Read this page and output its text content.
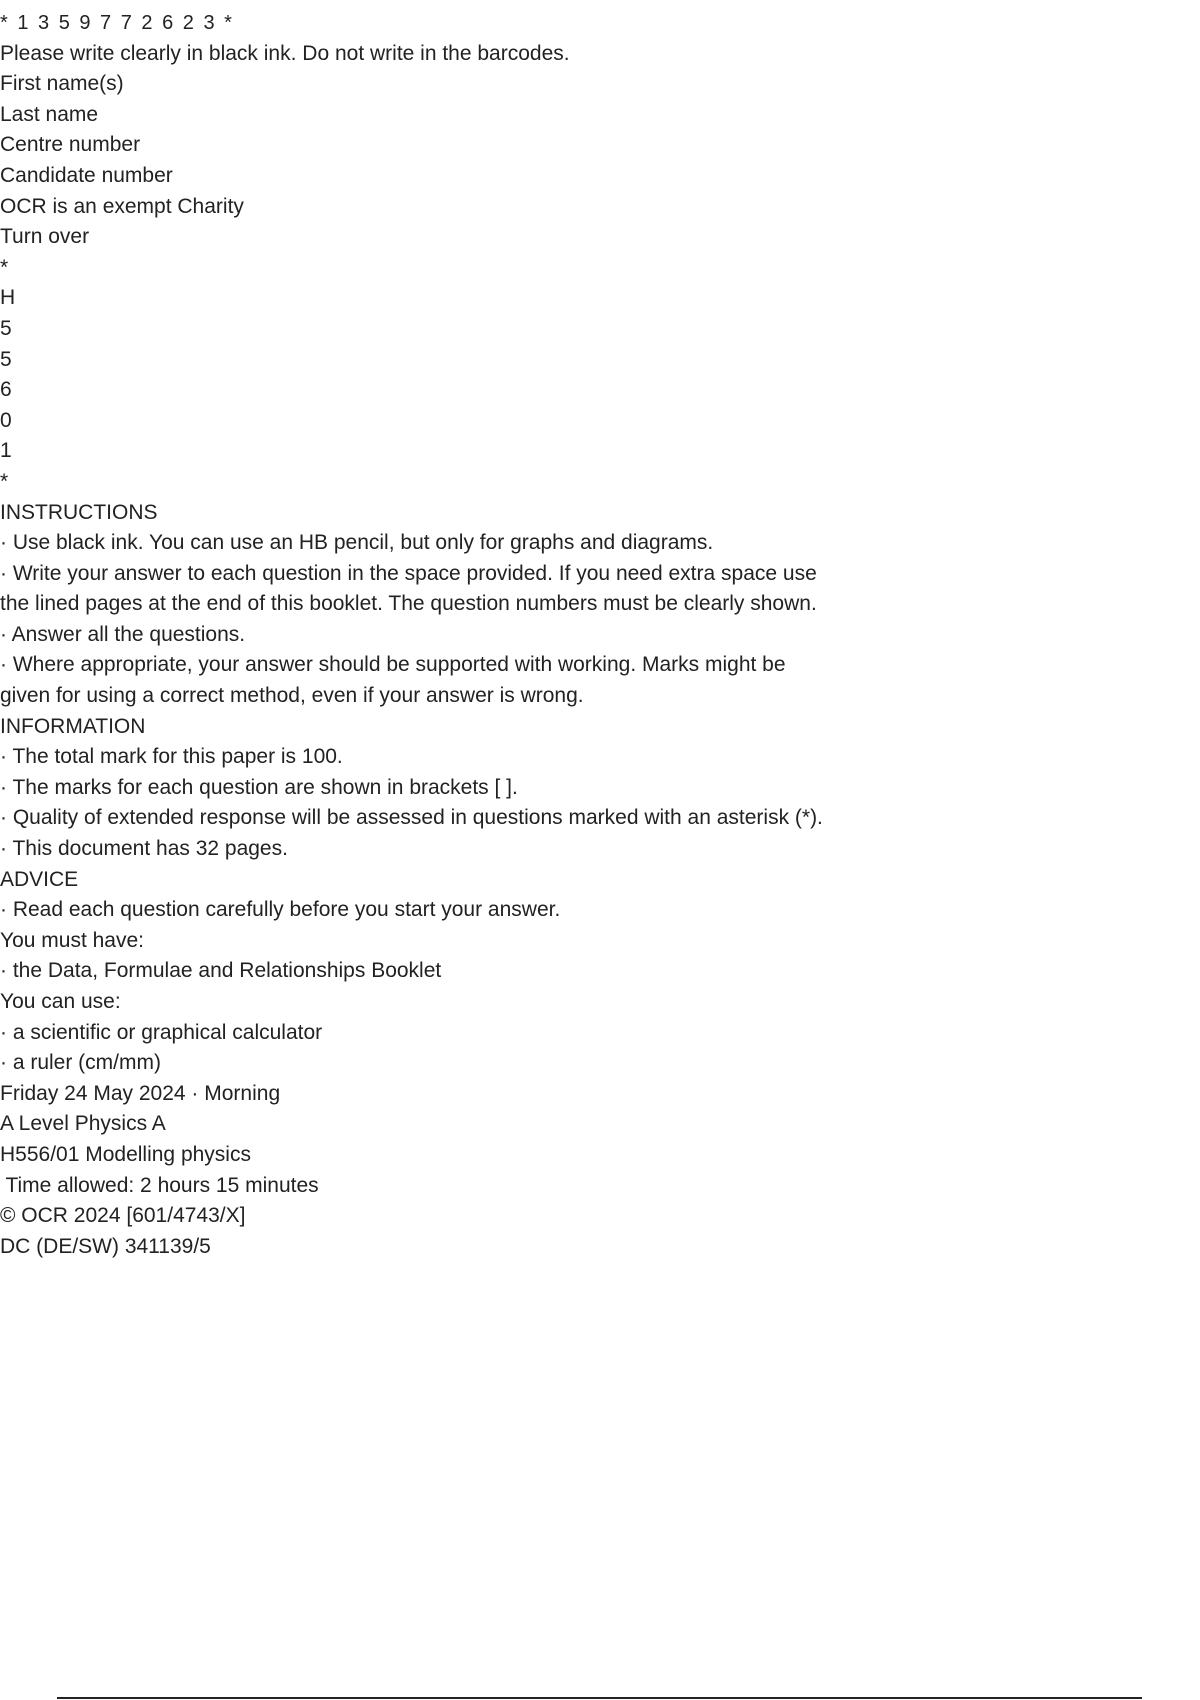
* 1 3 5 9 7 7 2 6 2 3 *
Please write clearly in black ink. Do not write in the barcodes.
First name(s)
Last name
Centre number
Candidate number
OCR is an exempt Charity
Turn over
*
H
5
5
6
0
1
*
INSTRUCTIONS
· Use black ink. You can use an HB pencil, but only for graphs and diagrams.
· Write your answer to each question in the space provided. If you need extra space use
the lined pages at the end of this booklet. The question numbers must be clearly shown.
· Answer all the questions.
· Where appropriate, your answer should be supported with working. Marks might be
given for using a correct method, even if your answer is wrong.
INFORMATION
· The total mark for this paper is 100.
· The marks for each question are shown in brackets [ ].
· Quality of extended response will be assessed in questions marked with an asterisk (*).
· This document has 32 pages.
ADVICE
· Read each question carefully before you start your answer.
You must have:
· the Data, Formulae and Relationships Booklet
You can use:
· a scientific or graphical calculator
· a ruler (cm/mm)
Friday 24 May 2024 · Morning
A Level Physics A
H556/01 Modelling physics
Time allowed: 2 hours 15 minutes
© OCR 2024 [601/4743/X]
DC (DE/SW) 341139/5
